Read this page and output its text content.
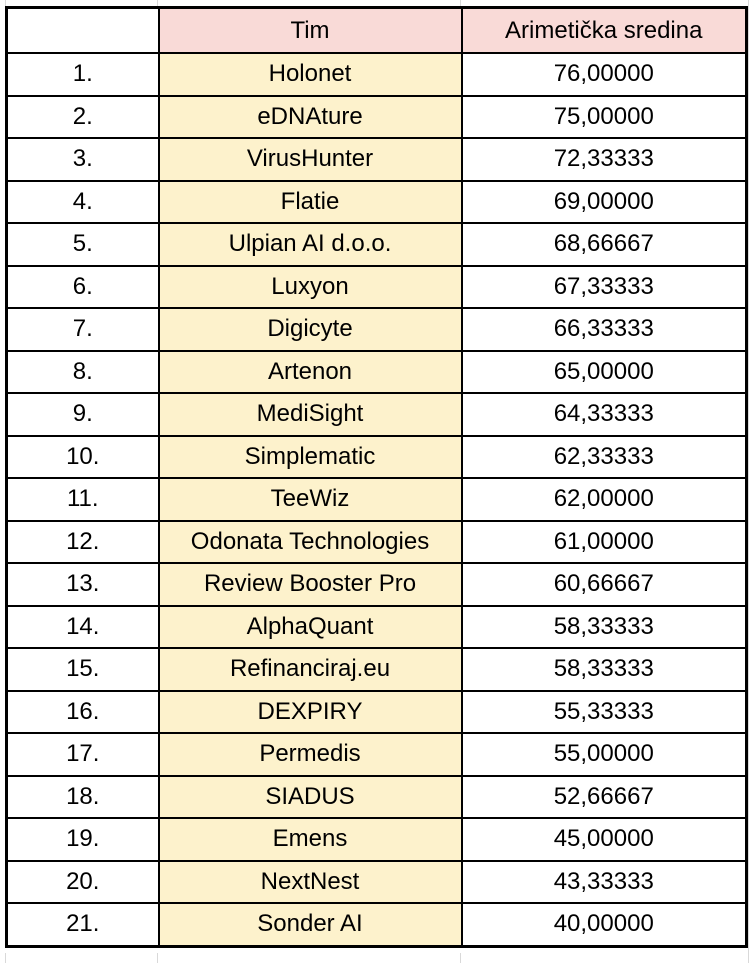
	Tim	Arimetička sredina
1.	Holonet	76,00000
2.	eDNAture	75,00000
3.	VirusHunter	72,33333
4.	Flatie	69,00000
5.	Ulpian AI d.o.o.	68,66667
6.	Luxyon	67,33333
7.	Digicyte	66,33333
8.	Artenon	65,00000
9.	MediSight	64,33333
10.	Simplematic	62,33333
11.	TeeWiz	62,00000
12.	Odonata Technologies	61,00000
13.	Review Booster Pro	60,66667
14.	AlphaQuant	58,33333
15.	Refinanciraj.eu	58,33333
16.	DEXPIRY	55,33333
17.	Permedis	55,00000
18.	SIADUS	52,66667
19.	Emens	45,00000
20.	NextNest	43,33333
21.	Sonder AI	40,00000
